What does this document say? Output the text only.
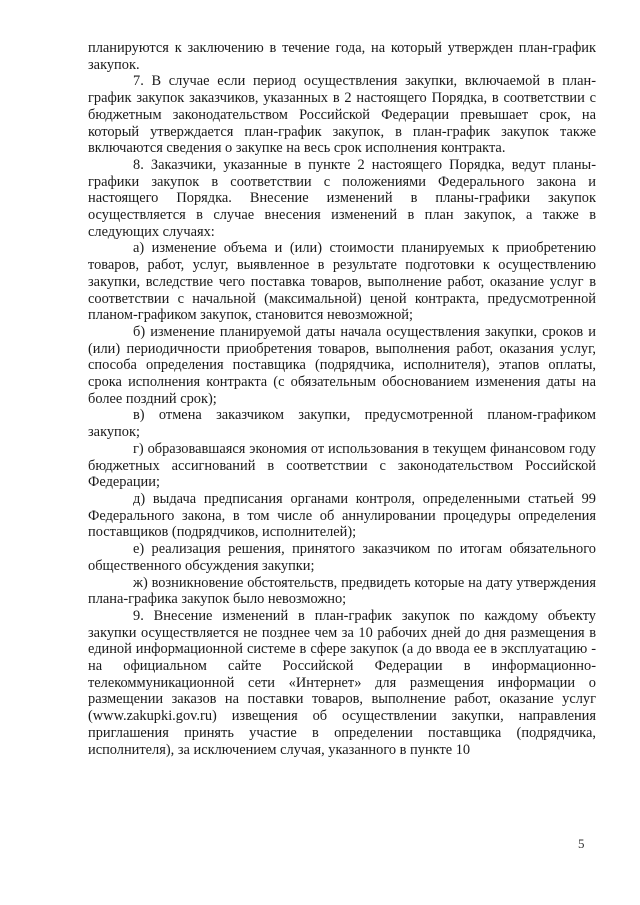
планируются к заключению в течение года, на который утвержден план-график закупок.

7. В случае если период осуществления закупки, включаемой в план-график закупок заказчиков, указанных в 2 настоящего Порядка, в соответствии с бюджетным законодательством Российской Федерации превышает срок, на который утверждается план-график закупок, в план-график закупок также включаются сведения о закупке на весь срок исполнения контракта.

8. Заказчики, указанные в пункте 2 настоящего Порядка, ведут планы-графики закупок в соответствии с положениями Федерального закона и настоящего Порядка. Внесение изменений в планы-графики закупок осуществляется в случае внесения изменений в план закупок, а также в следующих случаях:

а) изменение объема и (или) стоимости планируемых к приобретению товаров, работ, услуг, выявленное в результате подготовки к осуществлению закупки, вследствие чего поставка товаров, выполнение работ, оказание услуг в соответствии с начальной (максимальной) ценой контракта, предусмотренной планом-графиком закупок, становится невозможной;

б) изменение планируемой даты начала осуществления закупки, сроков и (или) периодичности приобретения товаров, выполнения работ, оказания услуг, способа определения поставщика (подрядчика, исполнителя), этапов оплаты, срока исполнения контракта (с обязательным обоснованием изменения даты на более поздний срок);

в) отмена заказчиком закупки, предусмотренной планом-графиком закупок;

г) образовавшаяся экономия от использования в текущем финансовом году бюджетных ассигнований в соответствии с законодательством Российской Федерации;

д) выдача предписания органами контроля, определенными статьей 99 Федерального закона, в том числе об аннулировании процедуры определения поставщиков (подрядчиков, исполнителей);

е) реализация решения, принятого заказчиком по итогам обязательного общественного обсуждения закупки;

ж) возникновение обстоятельств, предвидеть которые на дату утверждения плана-графика закупок было невозможно;

9. Внесение изменений в план-график закупок по каждому объекту закупки осуществляется не позднее чем за 10 рабочих дней до дня размещения в единой информационной системе в сфере закупок (а до ввода ее в эксплуатацию - на официальном сайте Российской Федерации в информационно-телекоммуникационной сети «Интернет» для размещения информации о размещении заказов на поставки товаров, выполнение работ, оказание услуг (www.zakupki.gov.ru) извещения об осуществлении закупки, направления приглашения принять участие в определении поставщика (подрядчика, исполнителя), за исключением случая, указанного в пункте 10

5
